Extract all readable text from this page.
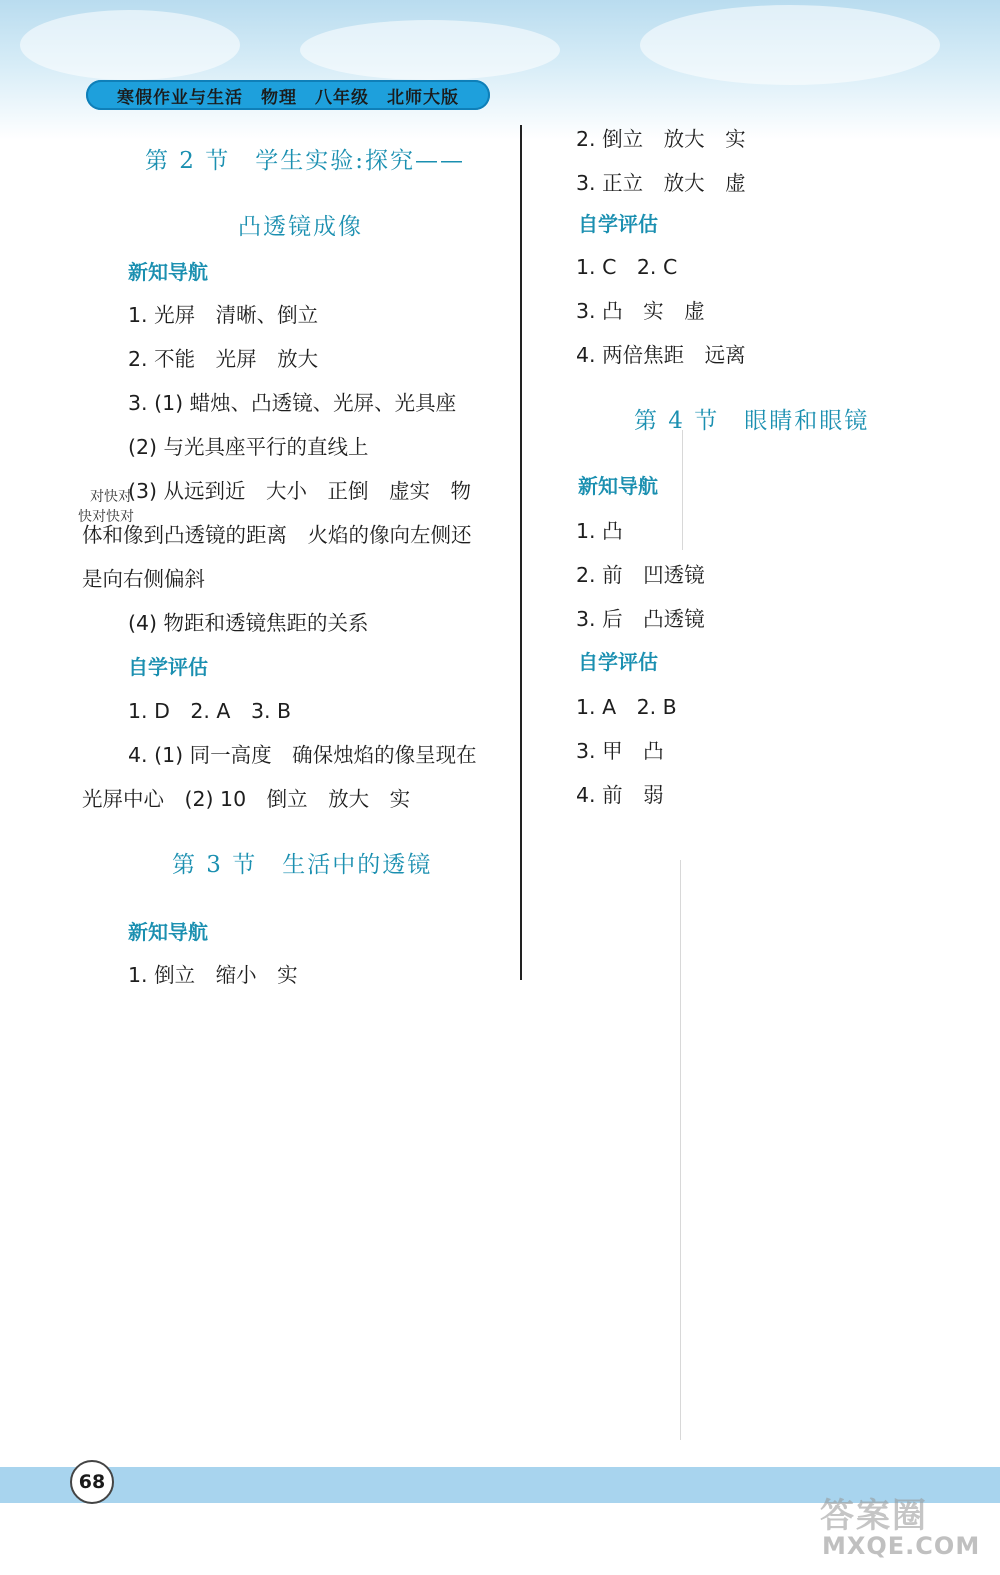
寒假作业与生活 物理 八年级 北师大版
第 2 节　学生实验:探究——
凸透镜成像
新知导航
1. 光屏　清晰、倒立
2. 不能　光屏　放大
3. (1) 蜡烛、凸透镜、光屏、光具座
(2) 与光具座平行的直线上
(3) 从远到近　大小　正倒　虚实　物
对快对
快对快对
体和像到凸透镜的距离　火焰的像向左侧还
是向右侧偏斜
(4) 物距和透镜焦距的关系
自学评估
1. D　2. A　3. B
4. (1) 同一高度　确保烛焰的像呈现在
光屏中心　(2) 10　倒立　放大　实
第 3 节　生活中的透镜
新知导航
1. 倒立　缩小　实
2. 倒立　放大　实
3. 正立　放大　虚
自学评估
1. C　2. C
3. 凸　实　虚
4. 两倍焦距　远离
第 4 节　眼睛和眼镜
新知导航
1. 凸
2. 前　凹透镜
3. 后　凸透镜
自学评估
1. A　2. B
3. 甲　凸
4. 前　弱
68
答案圈
MXQE.COM
